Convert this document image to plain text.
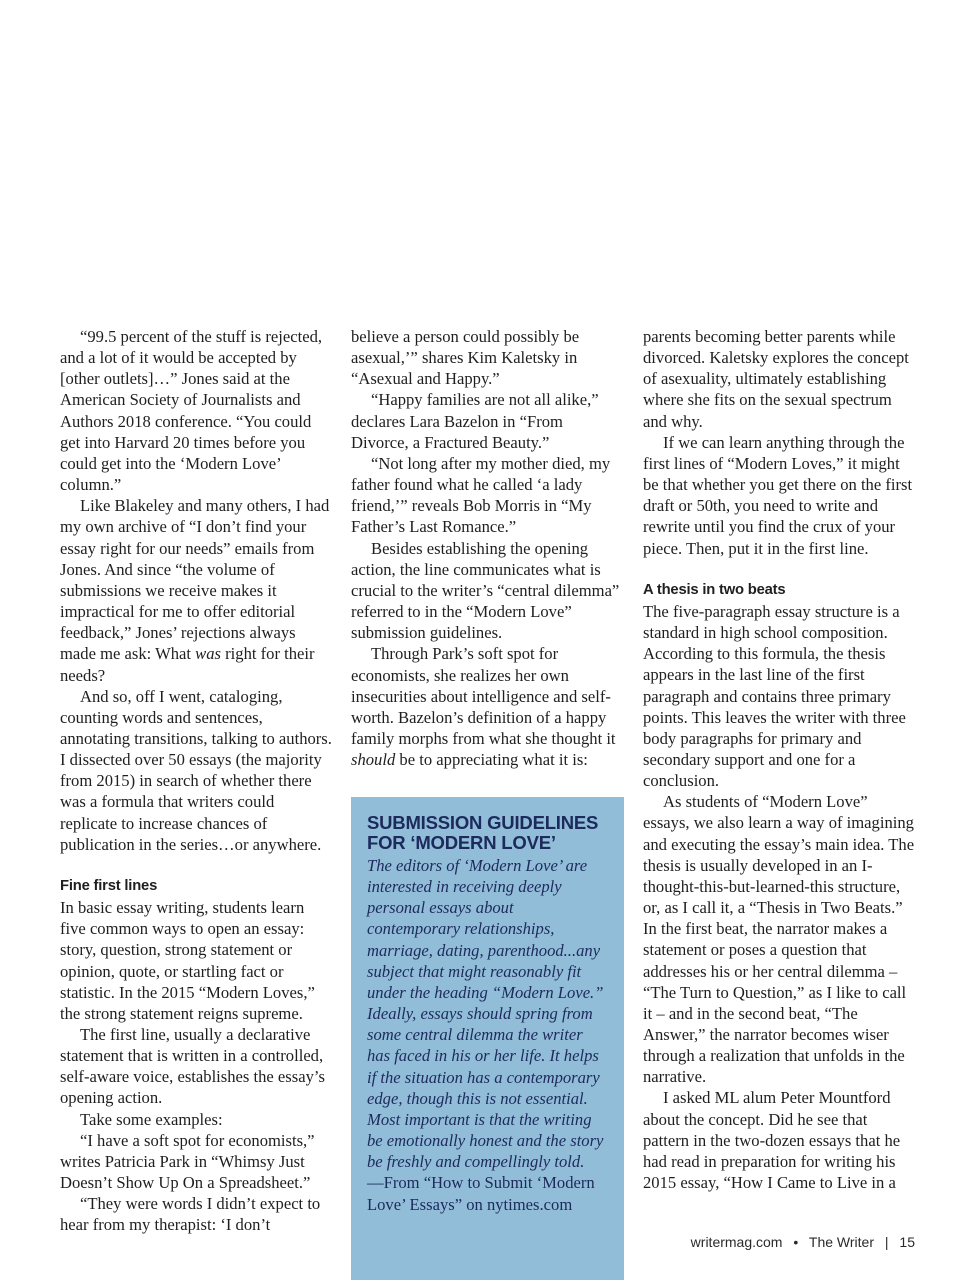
“99.5 percent of the stuff is rejected, and a lot of it would be accepted by [other outlets]…” Jones said at the American Society of Journalists and Authors 2018 conference. “You could get into Harvard 20 times before you could get into the ‘Modern Love’ column.”

Like Blakeley and many others, I had my own archive of “I don’t find your essay right for our needs” emails from Jones. And since “the volume of submissions we receive makes it impractical for me to offer editorial feedback,” Jones’ rejections always made me ask: What was right for their needs?

And so, off I went, cataloging, counting words and sentences, annotating transitions, talking to authors. I dissected over 50 essays (the majority from 2015) in search of whether there was a formula that writers could replicate to increase chances of publication in the series…or anywhere.

Fine first lines

In basic essay writing, students learn five common ways to open an essay: story, question, strong statement or opinion, quote, or startling fact or statistic. In the 2015 “Modern Loves,” the strong statement reigns supreme.

The first line, usually a declarative statement that is written in a controlled, self-aware voice, establishes the essay’s opening action.

Take some examples:

“I have a soft spot for economists,” writes Patricia Park in “Whimsy Just Doesn’t Show Up On a Spreadsheet.”

“They were words I didn’t expect to hear from my therapist: ‘I don’t

believe a person could possibly be asexual,’” shares Kim Kaletsky in “Asexual and Happy.”

“Happy families are not all alike,” declares Lara Bazelon in “From Divorce, a Fractured Beauty.”

“Not long after my mother died, my father found what he called ‘a lady friend,’” reveals Bob Morris in “My Father’s Last Romance.”

Besides establishing the opening action, the line communicates what is crucial to the writer’s “central dilemma” referred to in the “Modern Love” submission guidelines.

Through Park’s soft spot for economists, she realizes her own insecurities about intelligence and self-worth. Bazelon’s definition of a happy family morphs from what she thought it should be to appreciating what it is:

SUBMISSION GUIDELINES FOR ‘MODERN LOVE’

The editors of ‘Modern Love’ are interested in receiving deeply personal essays about contemporary relationships, marriage, dating, parenthood...any subject that might reasonably fit under the heading “Modern Love.” Ideally, essays should spring from some central dilemma the writer has faced in his or her life. It helps if the situation has a contemporary edge, though this is not essential. Most important is that the writing be emotionally honest and the story be freshly and compellingly told.

—From “How to Submit ‘Modern Love’ Essays” on nytimes.com

parents becoming better parents while divorced. Kaletsky explores the concept of asexuality, ultimately establishing where she fits on the sexual spectrum and why.

If we can learn anything through the first lines of “Modern Loves,” it might be that whether you get there on the first draft or 50th, you need to write and rewrite until you find the crux of your piece. Then, put it in the first line.

A thesis in two beats

The five-paragraph essay structure is a standard in high school composition. According to this formula, the thesis appears in the last line of the first paragraph and contains three primary points. This leaves the writer with three body paragraphs for primary and secondary support and one for a conclusion.

As students of “Modern Love” essays, we also learn a way of imagining and executing the essay’s main idea. The thesis is usually developed in an I-thought-this-but-learned-this structure, or, as I call it, a “Thesis in Two Beats.” In the first beat, the narrator makes a statement or poses a question that addresses his or her central dilemma – “The Turn to Question,” as I like to call it – and in the second beat, “The Answer,” the narrator becomes wiser through a realization that unfolds in the narrative.

I asked ML alum Peter Mountford about the concept. Did he see that pattern in the two-dozen essays that he had read in preparation for writing his 2015 essay, “How I Came to Live in a

writermag.com • The Writer | 15
